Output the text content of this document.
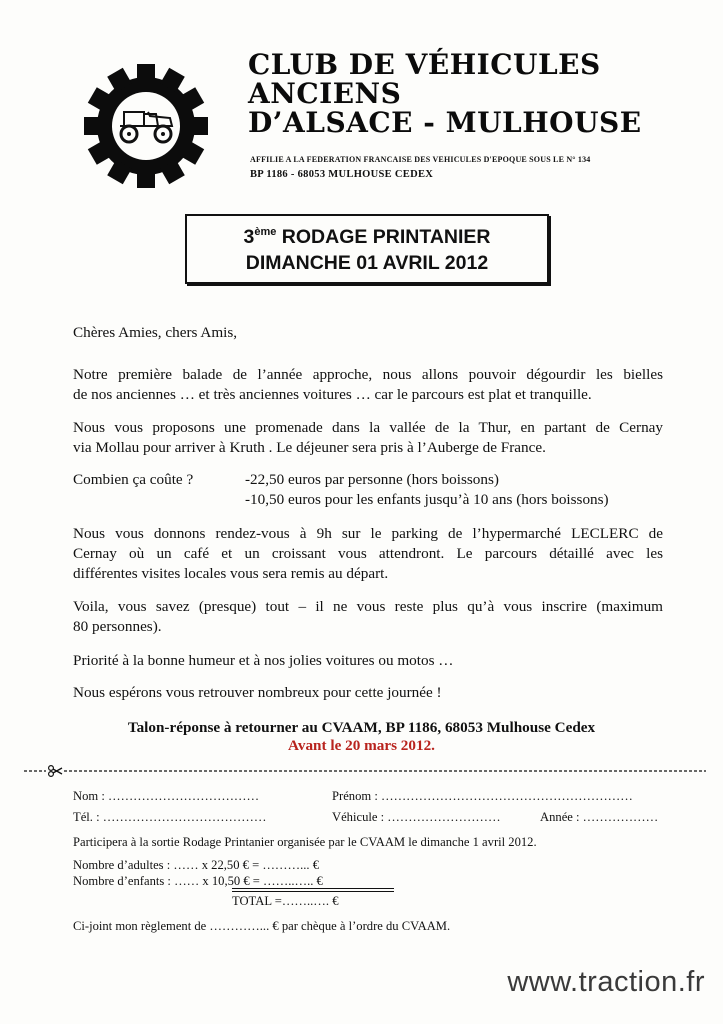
CLUB DE VÉHICULES
ANCIENS
D’ALSACE - MULHOUSE
AFFILIE A LA FEDERATION FRANCAISE DES VEHICULES D'EPOQUE SOUS LE N° 134
BP 1186 - 68053 MULHOUSE CEDEX
3ème RODAGE PRINTANIER
DIMANCHE 01 AVRIL 2012
Chères Amies, chers Amis,
Notre première balade de l’année approche, nous allons pouvoir dégourdir les bielles
de nos anciennes … et très anciennes voitures … car le parcours est plat et tranquille.
Nous vous proposons une promenade dans la vallée de la Thur, en partant de Cernay
via Mollau pour arriver à Kruth . Le déjeuner sera pris à l’Auberge de France.
Combien ça coûte ?	-22,50 euros par personne (hors boissons)
-10,50 euros pour les enfants jusqu’à 10 ans (hors boissons)
Nous vous donnons rendez-vous à 9h sur le parking de l’hypermarché LECLERC de
Cernay où un café et un croissant vous attendront. Le parcours détaillé avec les
différentes visites locales vous sera remis au départ.
Voila, vous savez (presque) tout – il ne vous reste plus qu’à vous inscrire (maximum
80 personnes).
Priorité à la bonne humeur et à nos jolies voitures ou motos …
Nous espérons vous retrouver nombreux pour cette journée !
Talon-réponse à retourner au CVAAM, BP 1186, 68053 Mulhouse Cedex
Avant le 20 mars 2012.
Nom : ………………………………	Prénom : ……………………………………………………
Tél. : …………………………………	Véhicule : ………………………	Année : ………………
Participera à la sortie Rodage Printanier organisée par le CVAAM le dimanche 1 avril 2012.
Nombre d’adultes : …… x 22,50 € = ………... €
Nombre d’enfants : …… x 10,50 € = ……..….. €
TOTAL =……..…. €
Ci-joint mon règlement de …………... € par chèque à l’ordre du CVAAM.
www.traction.fr
